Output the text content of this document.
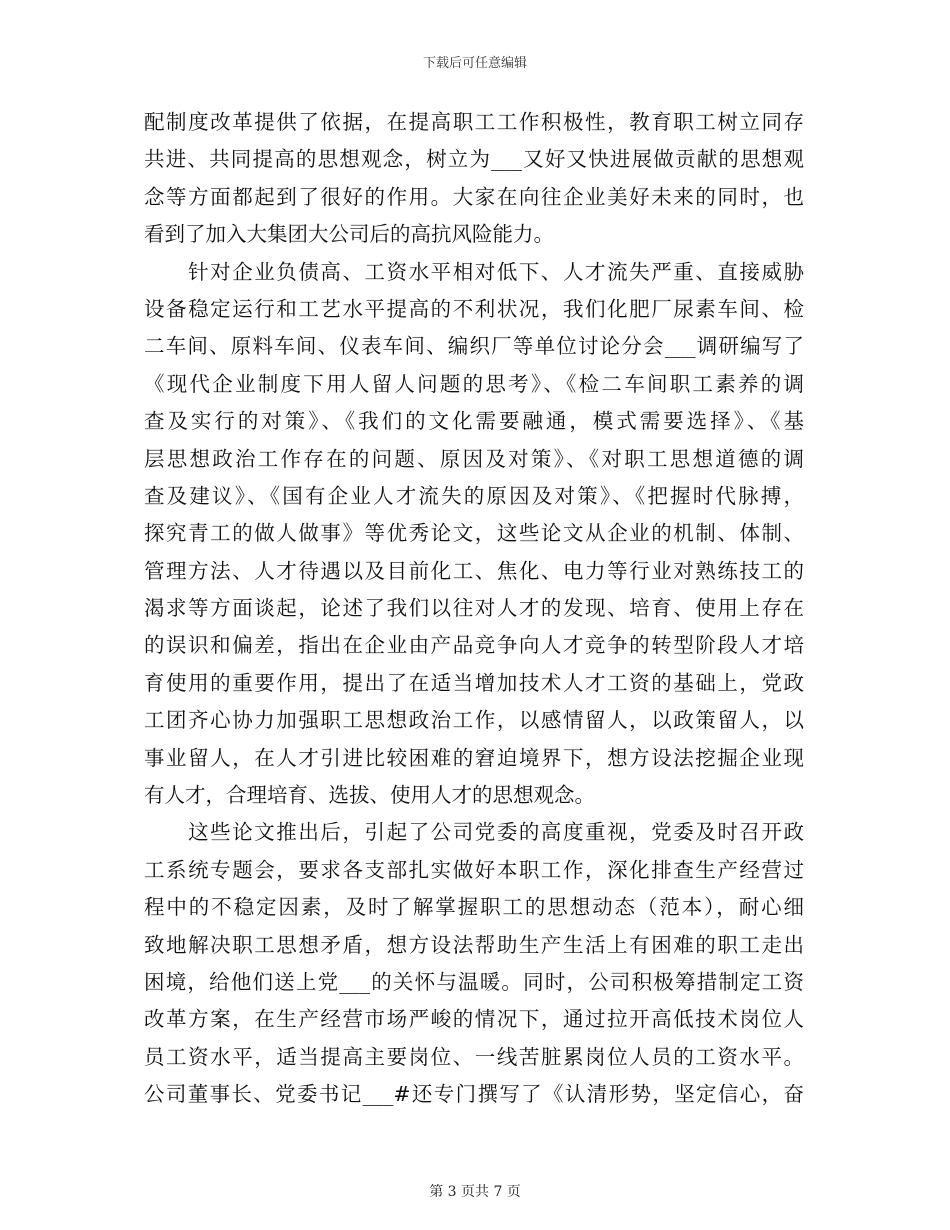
下载后可任意编辑
配制度改革提供了依据，在提高职工工作积极性，教育职工树立同存
共进、共同提高的思想观念，树立为___又好又快进展做贡献的思想观
念等方面都起到了很好的作用。大家在向往企业美好未来的同时，也
看到了加入大集团大公司后的高抗风险能力。
　　针对企业负债高、工资水平相对低下、人才流失严重、直接威胁
设备稳定运行和工艺水平提高的不利状况，我们化肥厂尿素车间、检
二车间、原料车间、仪表车间、编织厂等单位讨论分会___调研编写了
《现代企业制度下用人留人问题的思考》、《检二车间职工素养的调
查及实行的对策》、《我们的文化需要融通，模式需要选择》、《基
层思想政治工作存在的问题、原因及对策》、《对职工思想道德的调
查及建议》、《国有企业人才流失的原因及对策》、《把握时代脉搏，
探究青工的做人做事》等优秀论文，这些论文从企业的机制、体制、
管理方法、人才待遇以及目前化工、焦化、电力等行业对熟练技工的
渴求等方面谈起，论述了我们以往对人才的发现、培育、使用上存在
的误识和偏差，指出在企业由产品竞争向人才竞争的转型阶段人才培
育使用的重要作用，提出了在适当增加技术人才工资的基础上，党政
工团齐心协力加强职工思想政治工作，以感情留人，以政策留人，以
事业留人，在人才引进比较困难的窘迫境界下，想方设法挖掘企业现
有人才，合理培育、选拔、使用人才的思想观念。
　　这些论文推出后，引起了公司党委的高度重视，党委及时召开政
工系统专题会，要求各支部扎实做好本职工作，深化排查生产经营过
程中的不稳定因素，及时了解掌握职工的思想动态（范本），耐心细
致地解决职工思想矛盾，想方设法帮助生产生活上有困难的职工走出
困境，给他们送上党___的关怀与温暖。同时，公司积极筹措制定工资
改革方案，在生产经营市场严峻的情况下，通过拉开高低技术岗位人
员工资水平，适当提高主要岗位、一线苦脏累岗位人员的工资水平。
公司董事长、党委书记___#还专门撰写了《认清形势，坚定信心，奋
第 3 页共 7 页
